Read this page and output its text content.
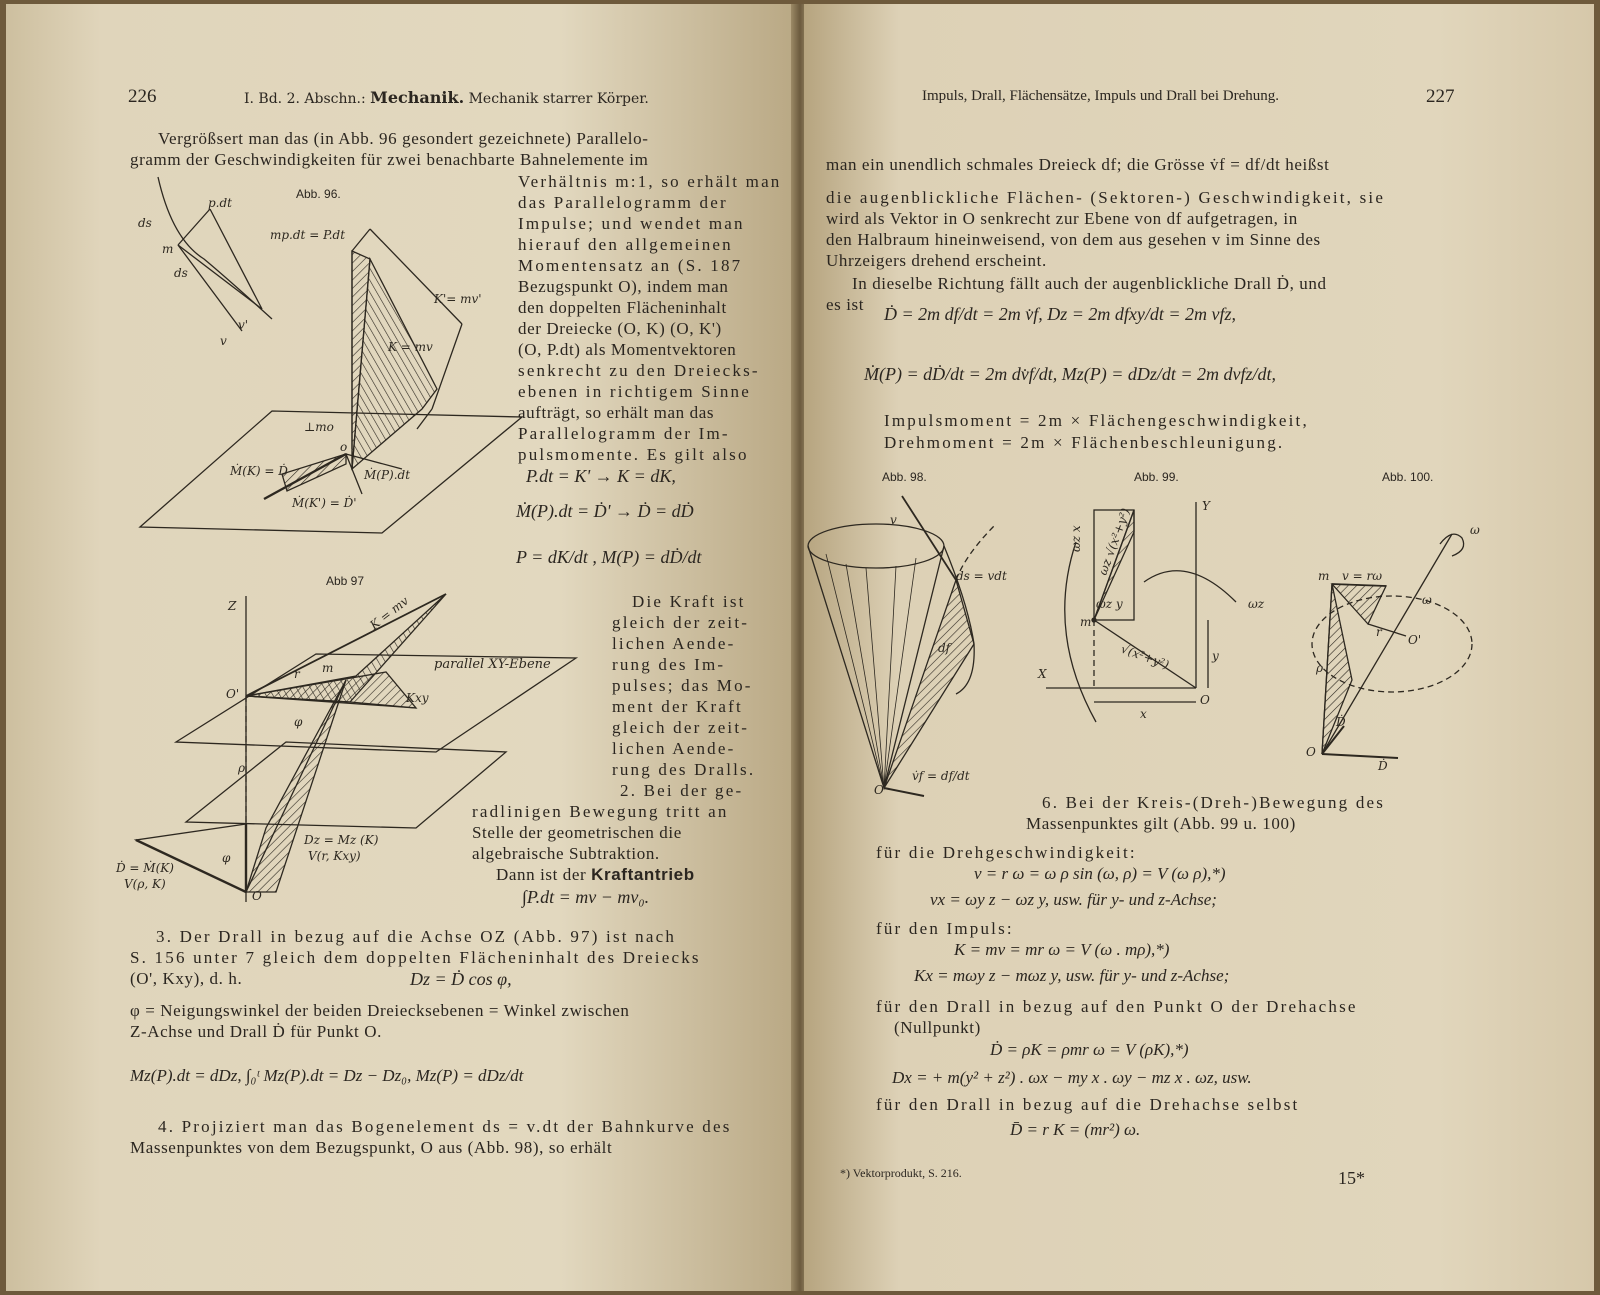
226	I. Bd. 2. Abschn.: Mechanik. Mechanik starrer Körper.
Vergrößsert man das (in Abb. 96 gesondert gezeichnete) Parallelo-
gramm der Geschwindigkeiten für zwei benachbarte Bahnelemente im
Verhältnis m:1, so erhält man
das Parallelogramm der
Impulse; und wendet man
hierauf den allgemeinen
Momentensatz an (S. 187
Bezugspunkt O), indem man
den doppelten Flächeninhalt
der Dreiecke (O, K) (O, K')
(O, P.dt) als Momentvektoren
senkrecht zu den Dreiecks-
ebenen in richtigem Sinne
aufträgt, so erhält man das
Parallelogramm der Im-
pulsmomente. Es gilt also
P.dt = K' → K = dK,
Ṁ(P).dt = Ḋ' → Ḋ = dḊ
P = dK/dt , M(P) = dḊ/dt
Die Kraft ist
gleich der zeit-
lichen Aende-
rung des Im-
pulses; das Mo-
ment der Kraft
gleich der zeit-
lichen Aende-
rung des Dralls.
2. Bei der ge-
radlinigen Bewegung tritt an
Stelle der geometrischen die
algebraische Subtraktion.
Dann ist der Kraftantrieb
∫P.dt = mv − mv₀.
3. Der Drall in bezug auf die Achse OZ (Abb. 97) ist nach
S. 156 unter 7 gleich dem doppelten Flächeninhalt des Dreiecks
(O', Kxy), d. h.	Dz = Ḋ cos φ,
φ = Neigungswinkel der beiden Dreiecksebenen = Winkel zwischen
Z-Achse und Drall Ḋ für Punkt O.
Mz(P).dt = dDz, ∫₀ᵗ Mz(P).dt = Dz − Dz₀, Mz(P) = dDz/dt
4. Projiziert man das Bogenelement ds = v.dt der Bahnkurve des
Massenpunktes von dem Bezugspunkt, O aus (Abb. 98), so erhält
Abb. 96.
Abb 97
ds
p.dt
m
ds
v'
v
mp.dt = P.dt
K'= mv'
K = mv
⊥mo
o
Ṁ(K) = Ḋ	Ṁ(P).dt
Ṁ(K') = Ḋ'
Z	K = mv
r m	parallel XY-Ebene
O'	Kxy
φ
ρ
Dz = Mz (K)
V(r, Kxy)
Ḋ = Ṁ(K)
V(ρ, K)
φ
O
Impuls, Drall, Flächensätze, Impuls und Drall bei Drehung.	227
man ein unendlich schmales Dreieck df; die Grösse v̇f = df/dt heißst
die augenblickliche Flächen- (Sektoren-) Geschwindigkeit, sie
wird als Vektor in O senkrecht zur Ebene von df aufgetragen, in
den Halbraum hineinweisend, von dem aus gesehen v im Sinne des
Uhrzeigers drehend erscheint.
In dieselbe Richtung fällt auch der augenblickliche Drall Ḋ, und
es ist Ḋ = 2m df/dt = 2m v̇f, Dz = 2m dfxy/dt = 2m vfz,
Ṁ(P) = dḊ/dt = 2m dv̇f/dt, Mz(P) = dDz/dt = 2m dvfz/dt,
Impulsmoment = 2m × Flächengeschwindigkeit,
Drehmoment = 2m × Flächenbeschleunigung.
Abb. 98.	Abb. 99.	Abb. 100.
v
ds = vdt
df
O
v̇f = df/dt
Y
ωz x ωz √(x²+y²)
ωz y	ωz
m
√(x²+y²)	y
X
x
O
ω
v = rω
m
ω
r
O'
ρ
Ḋ
O
Ḋ
6. Bei der Kreis-(Dreh-)Bewegung des
Massenpunktes gilt (Abb. 99 u. 100)
für die Drehgeschwindigkeit:
v = r ω = ω ρ sin (ω, ρ) = V (ω ρ),*)
vx = ωy z − ωz y, usw. für y- und z-Achse;
für den Impuls:
K = mv = mr ω = V (ω . mρ),*)
Kx = mωy z − mωz y, usw. für y- und z-Achse;
für den Drall in bezug auf den Punkt O der Drehachse
(Nullpunkt)
Ḋ = ρK = ρmr ω = V (ρK),*)
Dx = + m(y² + z²) . ωx − my x . ωy − mz x . ωz, usw.
für den Drall in bezug auf die Drehachse selbst
D̄ = r K = (mr²) ω.
*) Vektorprodukt, S. 216.	15*
